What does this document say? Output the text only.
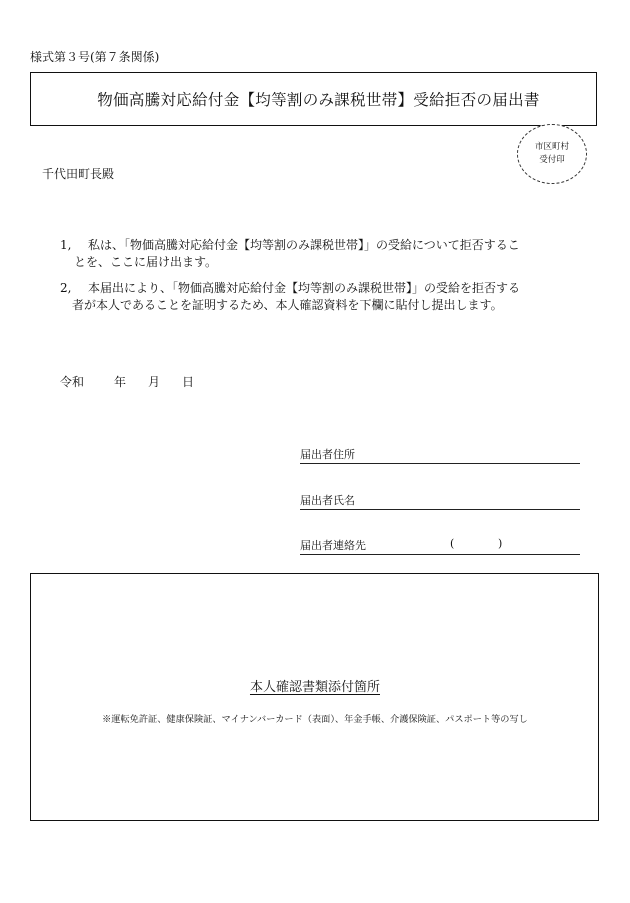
様式第３号(第７条関係)
物価高騰対応給付金【均等割のみ課税世帯】受給拒否の届出書
市区町村
受付印
千代田町長殿
1, 私は、「物価高騰対応給付金【均等割のみ課税世帯】」の受給について拒否するこ
とを、ここに届け出ます。
2, 本届出により、「物価高騰対応給付金【均等割のみ課税世帯】」の受給を拒否する
者が本人であることを証明するため、本人確認資料を下欄に貼付し提出します。
令和 年 月 日
届出者住所
届出者氏名
届出者連絡先	(	)
本人確認書類添付箇所
※運転免許証、健康保険証、マイナンバーカード（表面）、年金手帳、介護保険証、パスポート等の写し
